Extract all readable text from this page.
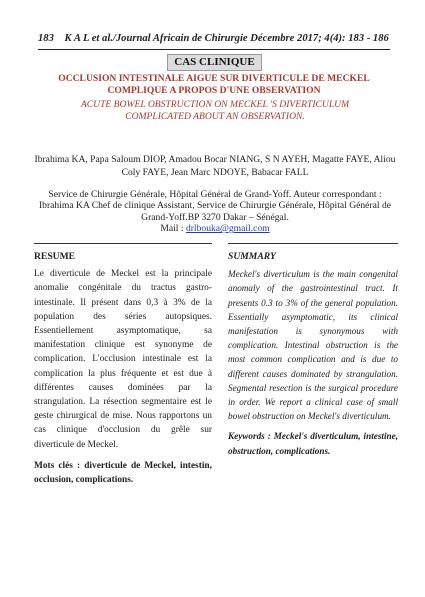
183 K A L et al./Journal Africain de Chirurgie Décembre 2017; 4(4): 183 - 186
CAS CLINIQUE
OCCLUSION INTESTINALE AIGUE SUR DIVERTICULE DE MECKEL COMPLIQUE A PROPOS D'UNE OBSERVATION
ACUTE BOWEL OBSTRUCTION ON MECKEL 'S DIVERTICULUM COMPLICATED ABOUT AN OBSERVATION.
Ibrahima KA, Papa Saloum DIOP, Amadou Bocar NIANG, S N AYEH, Magatte FAYE, Aliou Coly FAYE, Jean Marc NDOYE, Babacar FALL
Service de Chirurgie Générale, Hôpital Général de Grand-Yoff. Auteur correspondant : Ibrahima KA Chef de clinique Assistant, Service de Chirurgie Générale, Hôpital Général de Grand-Yoff.BP 3270 Dakar – Sénégal.
Mail : drlbouka@gmail.com
RESUME
Le diverticule de Meckel est la principale anomalie congénitale du tractus gastro-intestinale. Il présent dans 0,3 à 3% de la population des séries autopsiques. Essentiellement asymptomatique, sa manifestation clinique est synonyme de complication. L'occlusion intestinale est la complication la plus fréquente et est due à différentes causes dominées par la strangulation. La résection segmentaire est le geste chirurgical de mise. Nous rapportons un cas clinique d'occlusion du grêle sur diverticule de Meckel.
Mots clés : diverticule de Meckel, intestin, occlusion, complications.
SUMMARY
Meckel's diverticulum is the main congenital anomaly of the gastrointestinal tract. It presents 0.3 to 3% of the general population. Essentially asymptomatic, its clinical manifestation is synonymous with complication. Intestinal obstruction is the most common complication and is due to different causes dominated by strangulation. Segmental resection is the surgical procedure in order. We report a clinical case of small bowel obstruction on Meckel's diverticulum.
Keywords : Meckel's diverticulum, intestine, obstruction, complications.
